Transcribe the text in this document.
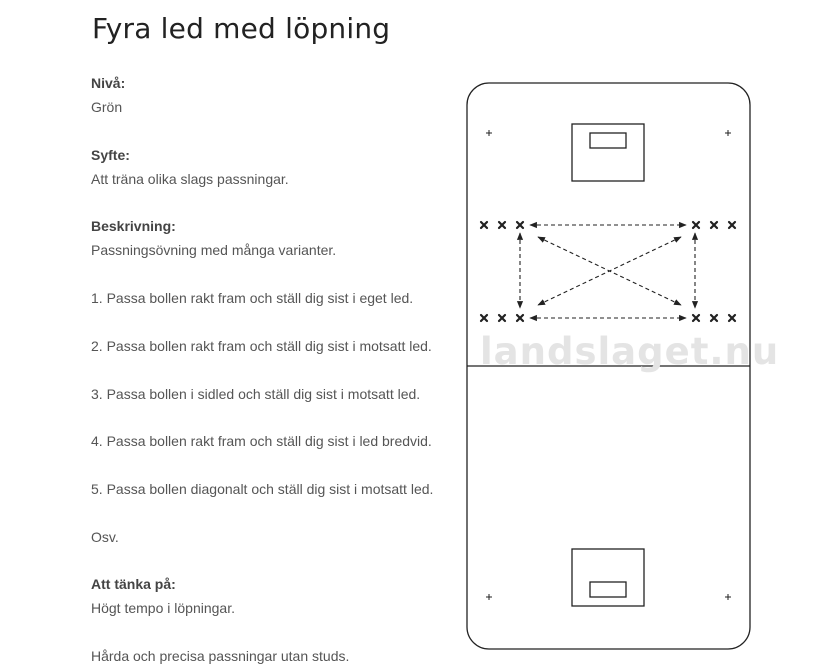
Fyra led med löpning
Nivå:
Grön
Syfte:
Att träna olika slags passningar.
Beskrivning:
Passningsövning med många varianter.
1. Passa bollen rakt fram och ställ dig sist i eget led.
2. Passa bollen rakt fram och ställ dig sist i motsatt led.
3. Passa bollen i sidled och ställ dig sist i motsatt led.
4. Passa bollen rakt fram och ställ dig sist i led bredvid.
5. Passa bollen diagonalt och ställ dig sist i motsatt led.
Osv.
Att tänka på:
Högt tempo i löpningar.
Hårda och precisa passningar utan studs.
landslaget.nu
